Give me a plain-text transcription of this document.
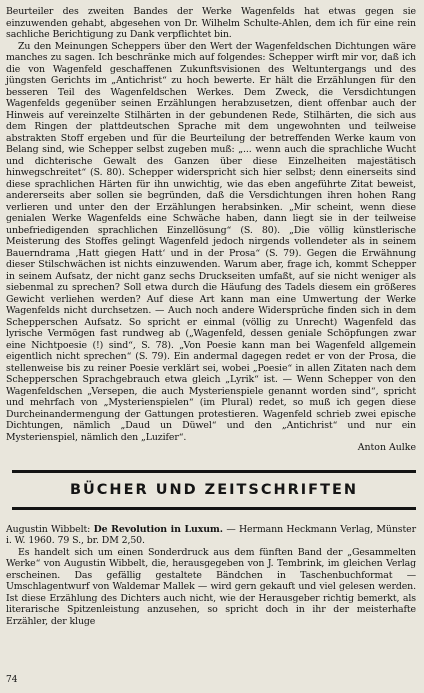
Beurteiler des zweiten Bandes der Werke Wagenfelds hat etwas gegen sie einzuwenden gehabt, abgesehen von Dr. Wilhelm Schulte-Ahlen, dem ich für eine rein sachliche Berichtigung zu Dank verpflichtet bin.

Zu den Meinungen Scheppers über den Wert der Wagenfeldschen Dichtungen wäre manches zu sagen. Ich beschränke mich auf folgendes: Schepper wirft mir vor, daß ich die von Wagenfeld geschaffenen Zukunftsvisionen des Weltuntergangs und des jüngsten Gerichts im „Antichrist“ zu hoch bewerte. Er hält die Erzählungen für den besseren Teil des Wagenfeldschen Werkes. Dem Zweck, die Versdichtungen Wagenfelds gegenüber seinen Erzählungen herabzusetzen, dient offenbar auch der Hinweis auf vereinzelte Stilhärten in der gebundenen Rede, Stilhärten, die sich aus dem Ringen der plattdeutschen Sprache mit dem ungewohnten und teilweise abstrakten Stoff ergeben und für die Beurteilung der betreffenden Werke kaum von Belang sind, wie Schepper selbst zugeben muß: „... wenn auch die sprachliche Wucht und dichterische Gewalt des Ganzen über diese Einzelheiten majestätisch hinwegschreitet“ (S. 80). Schepper widerspricht sich hier selbst; denn einerseits sind diese sprachlichen Härten für ihn unwichtig, wie das eben angeführte Zitat beweist, andererseits aber sollen sie begründen, daß die Versdichtungen ihren hohen Rang verlieren und unter den der Erzählungen herabsinken. „Mir scheint, wenn diese genialen Werke Wagenfelds eine Schwäche haben, dann liegt sie in der teilweise unbefriedigenden sprachlichen Einzellösung“ (S. 80). „Die völlig künstlerische Meisterung des Stoffes gelingt Wagenfeld jedoch nirgends vollendeter als in seinem Bauerndrama ‚Hatt giegen Hatt‘ und in der Prosa“ (S. 79). Gegen die Erwähnung dieser Stilschwächen ist nichts einzuwenden. Warum aber, frage ich, kommt Schepper in seinem Aufsatz, der nicht ganz sechs Druckseiten umfaßt, auf sie nicht weniger als siebenmal zu sprechen? Soll etwa durch die Häufung des Tadels diesem ein größeres Gewicht verliehen werden? Auf diese Art kann man eine Umwertung der Werke Wagenfelds nicht durchsetzen. — Auch noch andere Widersprüche finden sich in dem Schepperschen Aufsatz. So spricht er einmal (völlig zu Unrecht) Wagenfeld das lyrische Vermögen fast rundweg ab („Wagenfeld, dessen geniale Schöpfungen zwar eine Nichtpoesie (!) sind“, S. 78). „Von Poesie kann man bei Wagenfeld allgemein eigentlich nicht sprechen“ (S. 79). Ein andermal dagegen redet er von der Prosa, die stellenweise bis zu reiner Poesie verklärt sei, wobei „Poesie“ in allen Zitaten nach dem Schepperschen Sprachgebrauch etwa gleich „Lyrik“ ist. — Wenn Schepper von den Wagenfeldschen „Versepen, die auch Mysterienspiele genannt worden sind“, spricht und mehrfach von „Mysterienspielen“ (im Plural) redet, so muß ich gegen diese Durcheinandermengung der Gattungen protestieren. Wagenfeld schrieb zwei epische Dichtungen, nämlich „Daud un Düwel“ und den „Antichrist“ und nur ein Mysterienspiel, nämlich den „Luzifer“.

Anton Aulke
BÜCHER UND ZEITSCHRIFTEN

Augustin Wibbelt: De Revolution in Luxum. — Hermann Heckmann Verlag, Münster i. W. 1960. 79 S., br. DM 2,50.

Es handelt sich um einen Sonderdruck aus dem fünften Band der „Gesammelten Werke“ von Augustin Wibbelt, die, herausgegeben von J. Tembrink, im gleichen Verlag erscheinen. Das gefällig gestaltete Bändchen in Taschenbuchformat — Umschlagentwurf von Waldemar Mallek — wird gern gekauft und viel gelesen werden. Ist diese Erzählung des Dichters auch nicht, wie der Herausgeber richtig bemerkt, als literarische Spitzenleistung anzusehen, so spricht doch in ihr der meisterhafte Erzähler, der kluge

74
